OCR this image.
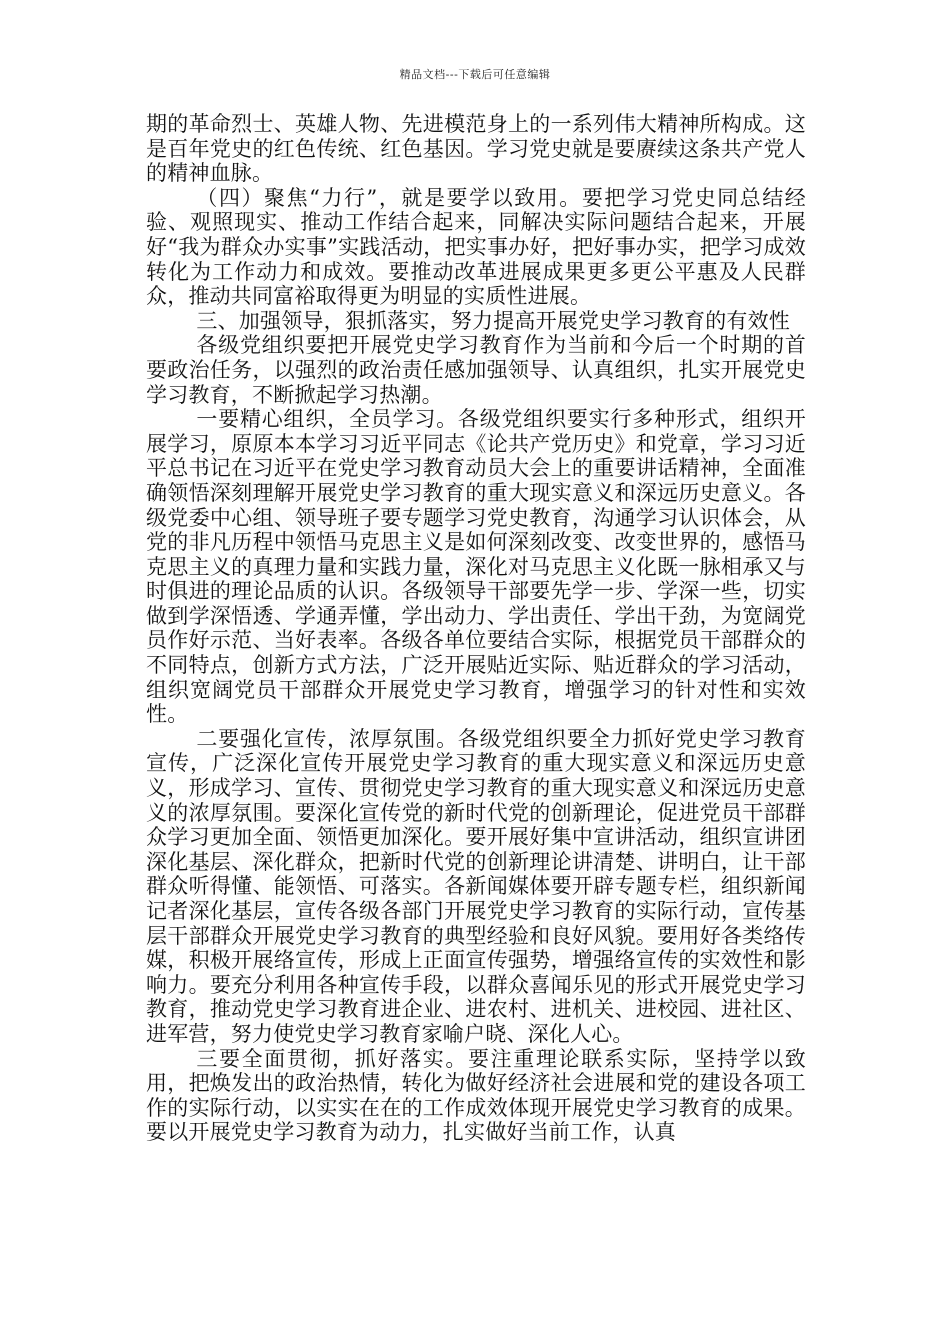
精品文档---下载后可任意编辑

期的革命烈士、英雄人物、先进模范身上的一系列伟大精神所构成。这是百年党史的红色传统、红色基因。学习党史就是要赓续这条共产党人的精神血脉。

（四）聚焦“力行”，就是要学以致用。要把学习党史同总结经验、观照现实、推动工作结合起来，同解决实际问题结合起来，开展好“我为群众办实事”实践活动，把实事办好，把好事办实，把学习成效转化为工作动力和成效。要推动改革进展成果更多更公平惠及人民群众，推动共同富裕取得更为明显的实质性进展。

三、加强领导，狠抓落实，努力提高开展党史学习教育的有效性

各级党组织要把开展党史学习教育作为当前和今后一个时期的首要政治任务，以强烈的政治责任感加强领导、认真组织，扎实开展党史学习教育，不断掀起学习热潮。

一要精心组织，全员学习。各级党组织要实行多种形式，组织开展学习，原原本本学习习近平同志《论共产党历史》和党章，学习习近平总书记在习近平在党史学习教育动员大会上的重要讲话精神，全面准确领悟深刻理解开展党史学习教育的重大现实意义和深远历史意义。各级党委中心组、领导班子要专题学习党史教育，沟通学习认识体会，从党的非凡历程中领悟马克思主义是如何深刻改变、改变世界的，感悟马克思主义的真理力量和实践力量，深化对马克思主义化既一脉相承又与时俱进的理论品质的认识。各级领导干部要先学一步、学深一些，切实做到学深悟透、学通弄懂，学出动力、学出责任、学出干劲，为宽阔党员作好示范、当好表率。各级各单位要结合实际，根据党员干部群众的不同特点，创新方式方法，广泛开展贴近实际、贴近群众的学习活动，组织宽阔党员干部群众开展党史学习教育，增强学习的针对性和实效性。

二要强化宣传，浓厚氛围。各级党组织要全力抓好党史学习教育宣传，广泛深化宣传开展党史学习教育的重大现实意义和深远历史意义，形成学习、宣传、贯彻党史学习教育的重大现实意义和深远历史意义的浓厚氛围。要深化宣传党的新时代党的创新理论，促进党员干部群众学习更加全面、领悟更加深化。要开展好集中宣讲活动，组织宣讲团深化基层、深化群众，把新时代党的创新理论讲清楚、讲明白，让干部群众听得懂、能领悟、可落实。各新闻媒体要开辟专题专栏，组织新闻记者深化基层，宣传各级各部门开展党史学习教育的实际行动，宣传基层干部群众开展党史学习教育的典型经验和良好风貌。要用好各类络传媒，积极开展络宣传，形成上正面宣传强势，增强络宣传的实效性和影响力。要充分利用各种宣传手段，以群众喜闻乐见的形式开展党史学习教育，推动党史学习教育进企业、进农村、进机关、进校园、进社区、进军营，努力使党史学习教育家喻户晓、深化人心。

三要全面贯彻，抓好落实。要注重理论联系实际，坚持学以致用，把焕发出的政治热情，转化为做好经济社会进展和党的建设各项工作的实际行动，以实实在在的工作成效体现开展党史学习教育的成果。要以开展党史学习教育为动力，扎实做好当前工作，认真
